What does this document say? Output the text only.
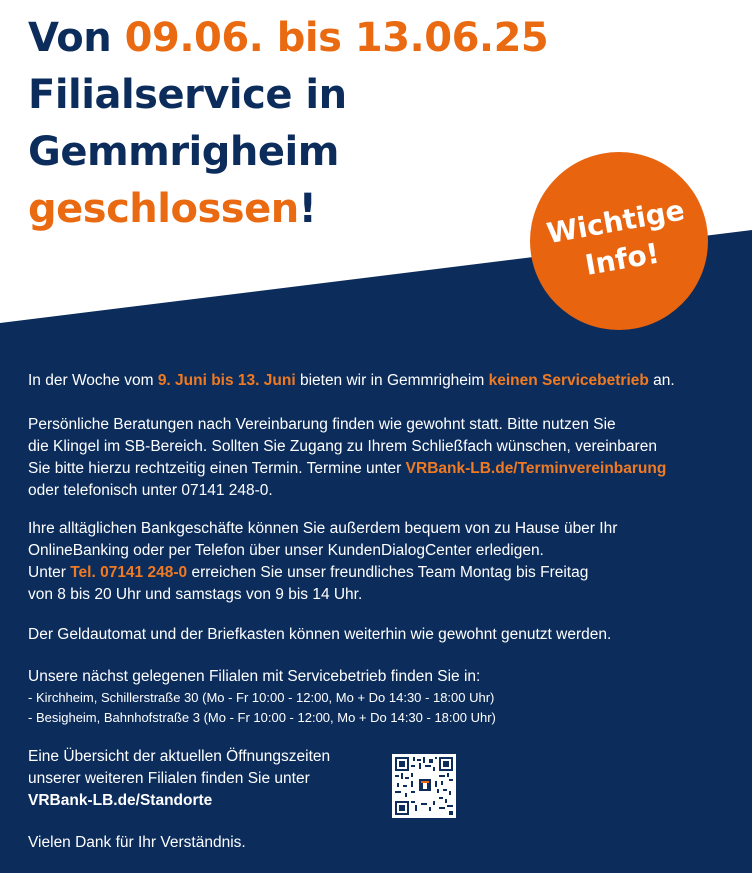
Von 09.06. bis 13.06.25
Filialservice in
Gemmrigheim
geschlossen!	Wichtige
Info!

In der Woche vom 9. Juni bis 13. Juni bieten wir in Gemmrigheim keinen Servicebetrieb an.

Persönliche Beratungen nach Vereinbarung finden wie gewohnt statt. Bitte nutzen Sie
die Klingel im SB-Bereich. Sollten Sie Zugang zu Ihrem Schließfach wünschen, vereinbaren
Sie bitte hierzu rechtzeitig einen Termin. Termine unter VRBank-LB.de/Terminvereinbarung
oder telefonisch unter 07141 248-0.

Ihre alltäglichen Bankgeschäfte können Sie außerdem bequem von zu Hause über Ihr
OnlineBanking oder per Telefon über unser KundenDialogCenter erledigen.
Unter Tel. 07141 248-0 erreichen Sie unser freundliches Team Montag bis Freitag
von 8 bis 20 Uhr und samstags von 9 bis 14 Uhr.

Der Geldautomat und der Briefkasten können weiterhin wie gewohnt genutzt werden.

Unsere nächst gelegenen Filialen mit Servicebetrieb finden Sie in:
- Kirchheim, Schillerstraße 30 (Mo - Fr 10:00 - 12:00, Mo + Do 14:30 - 18:00 Uhr)
- Besigheim, Bahnhofstraße 3 (Mo - Fr 10:00 - 12:00, Mo + Do 14:30 - 18:00 Uhr)

Eine Übersicht der aktuellen Öffnungszeiten
unserer weiteren Filialen finden Sie unter
VRBank-LB.de/Standorte

Vielen Dank für Ihr Verständnis.
